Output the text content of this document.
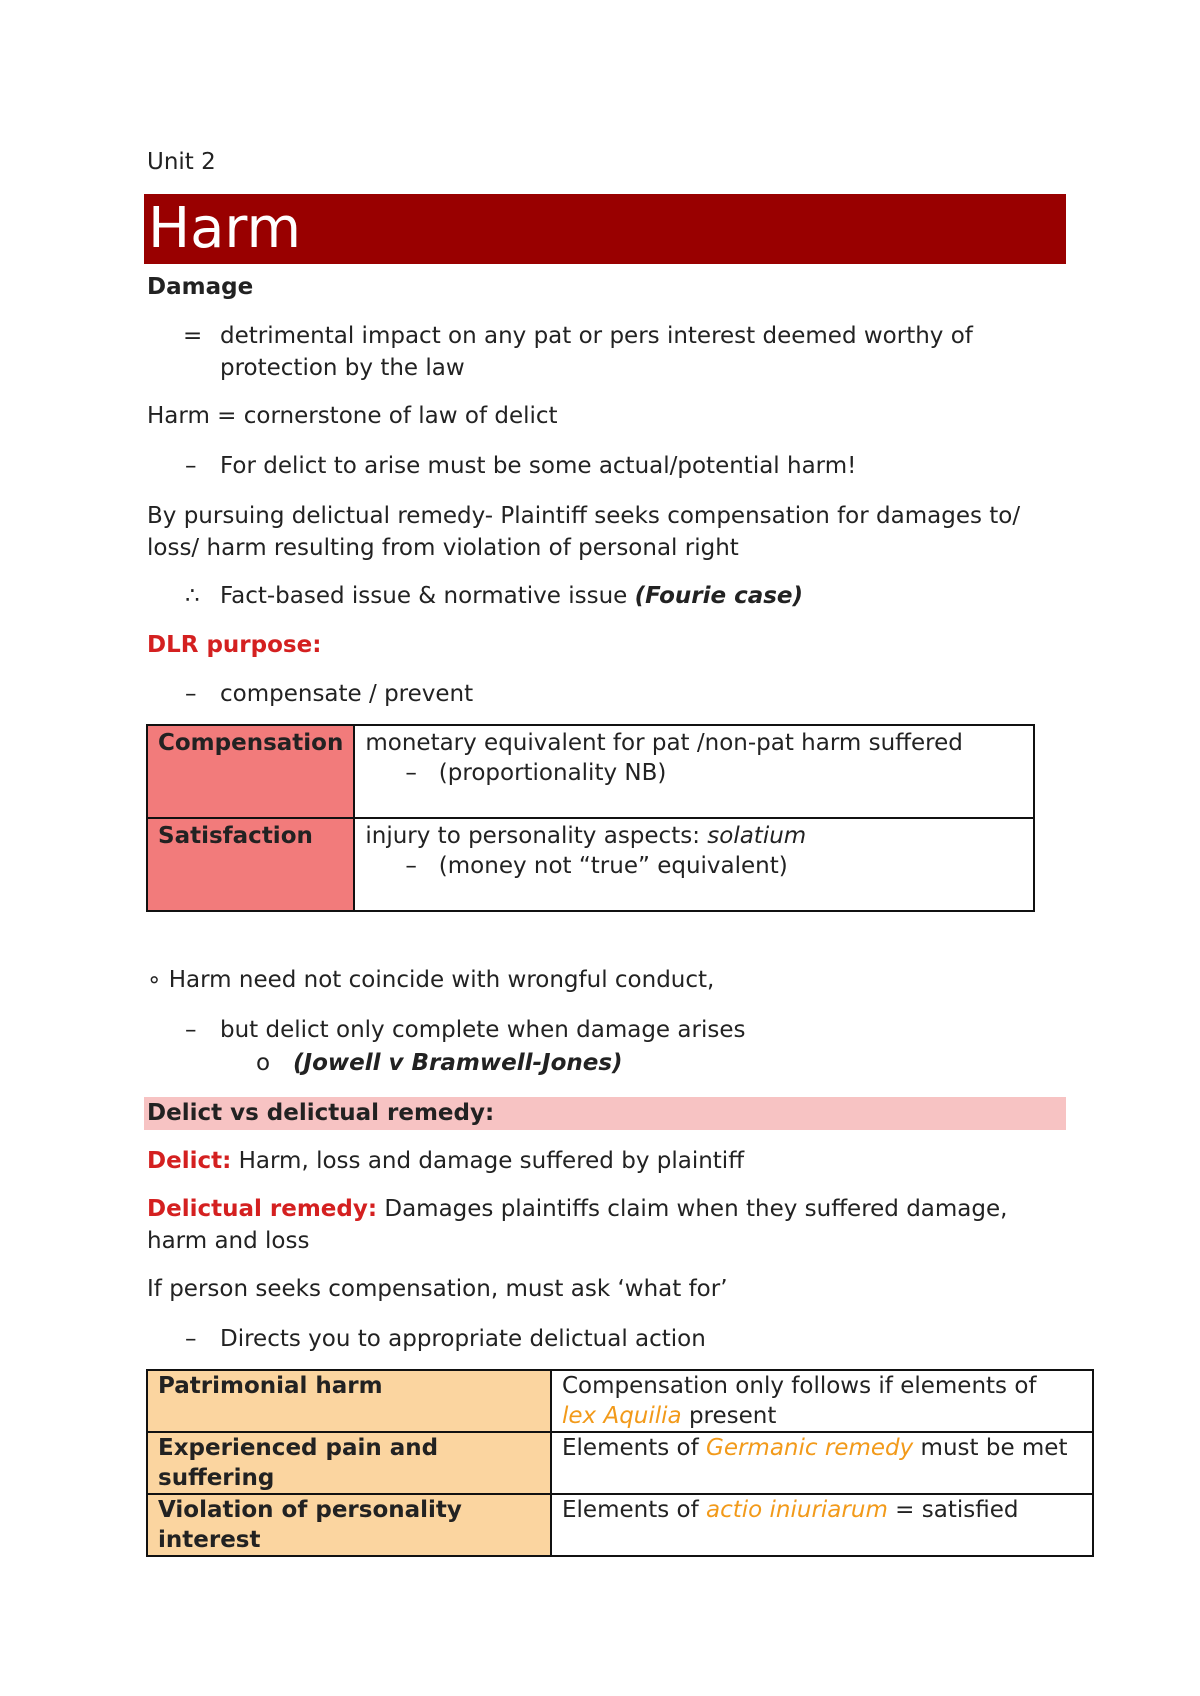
Unit 2
Harm
Damage
= detrimental impact on any pat or pers interest deemed worthy of
protection by the law
Harm = cornerstone of law of delict
– For delict to arise must be some actual/potential harm!
By pursuing delictual remedy- Plaintiff seeks compensation for damages to/
loss/ harm resulting from violation of personal right
∴ Fact-based issue & normative issue (Fourie case)
DLR purpose:
– compensate / prevent
Compensation	monetary equivalent for pat /non-pat harm suffered
– (proportionality NB)

Satisfaction	injury to personality aspects: solatium
– (money not “true” equivalent)
∘ Harm need not coincide with wrongful conduct,
– but delict only complete when damage arises
o (Jowell v Bramwell-Jones)
Delict vs delictual remedy:
Delict: Harm, loss and damage suffered by plaintiff
Delictual remedy: Damages plaintiffs claim when they suffered damage,
harm and loss
If person seeks compensation, must ask ‘what for’
– Directs you to appropriate delictual action
Patrimonial harm	Compensation only follows if elements of
lex Aquilia present

Experienced pain and suffering	Elements of Germanic remedy must be met
Violation of personality interest	Elements of actio iniuriarum = satisfied
